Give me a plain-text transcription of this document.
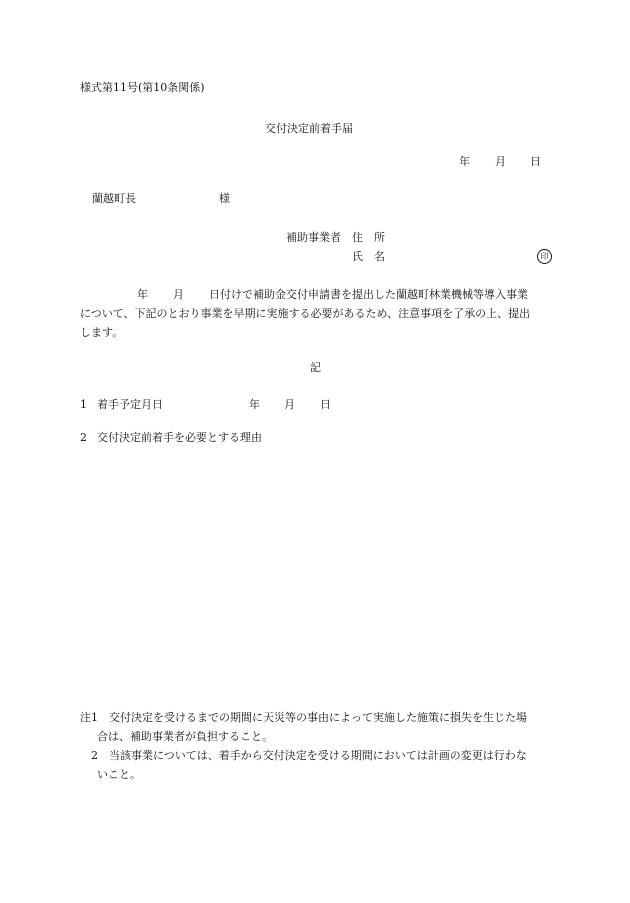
様式第11号(第10条関係)
交付決定前着手届
年 月 日
蘭越町長	様
補助事業者 住　所
氏　名	印
年 月 日付けで補助金交付申請書を提出した蘭越町林業機械等導入事業
について、下記のとおり事業を早期に実施する必要があるため、注意事項を了承の上、提出
します。
記
1 着手予定月日	年 月 日
2 交付決定前着手を必要とする理由
注1 交付決定を受けるまでの期間に天災等の事由によって実施した施策に損失を生じた場
合は、補助事業者が負担すること。
2 当該事業については、着手から交付決定を受ける期間においては計画の変更は行わな
いこと。
